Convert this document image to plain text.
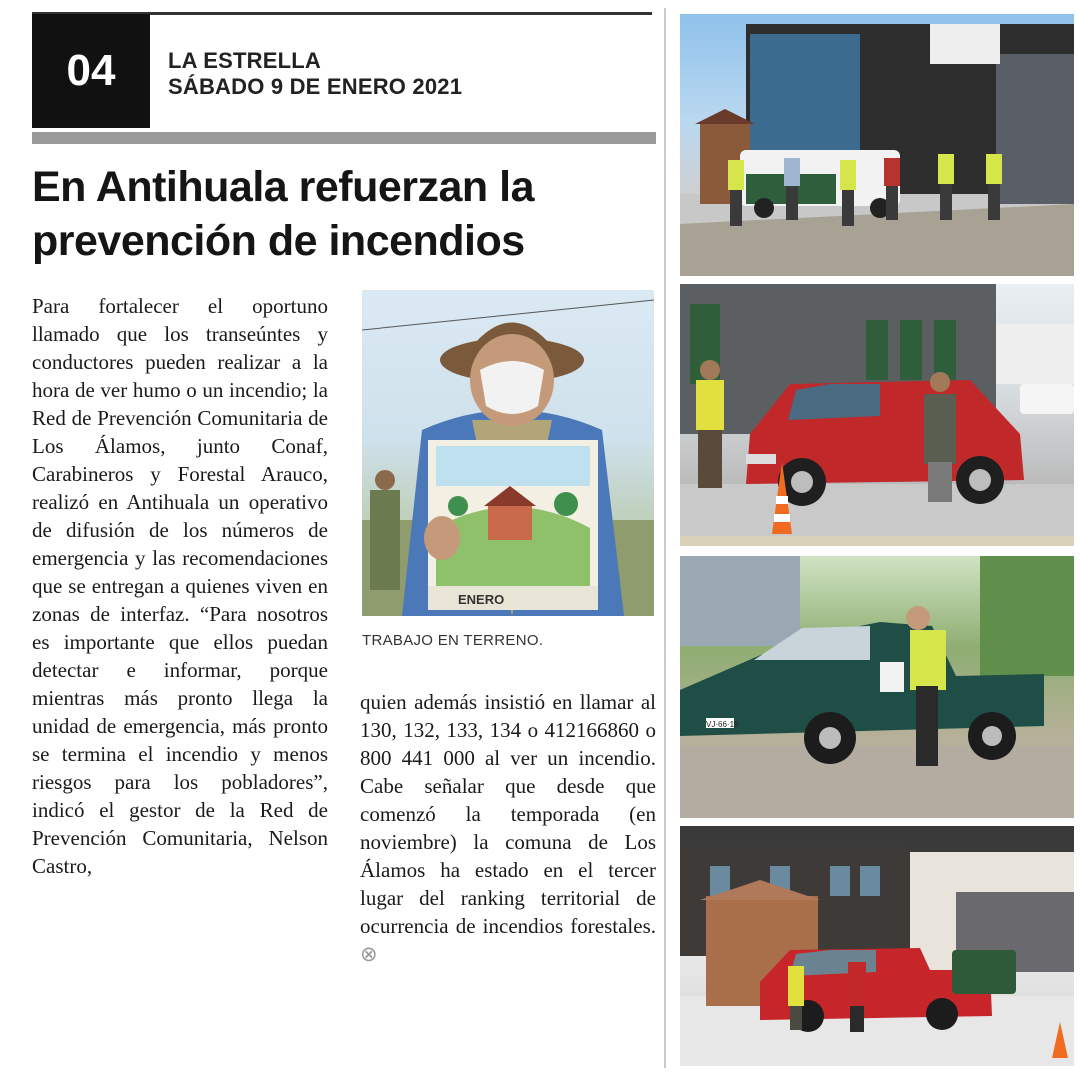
04	LA ESTRELLA
SÁBADO 9 DE ENERO 2021
En Antihuala refuerzan la
prevención de incendios
Para fortalecer el oportuno llamado que los transeúntes y conductores pueden realizar a la hora de ver humo o un incendio; la Red de Prevención Comunitaria de Los Álamos, junto Conaf, Carabineros y Forestal Arauco, realizó en Antihuala un operativo de difusión de los números de emergencia y las recomendaciones que se entregan a quienes viven en zonas de interfaz. “Para nosotros es importante que ellos puedan detectar e informar, porque mientras más pronto llega la unidad de emergencia, más pronto se termina el incendio y menos riesgos para los pobladores”, indicó el gestor de la Red de Prevención Comunitaria, Nelson Castro,
ENERO
TRABAJO EN TERRENO.
quien además insistió en llamar al 130, 132, 133, 134 o 412166860 o 800 441 000 al ver un incendio. Cabe señalar que desde que comenzó la temporada (en noviembre) la comuna de Los Álamos ha estado en el tercer lugar del ranking territorial de ocurrencia de incendios forestales. ⊗
VJ·66·19
